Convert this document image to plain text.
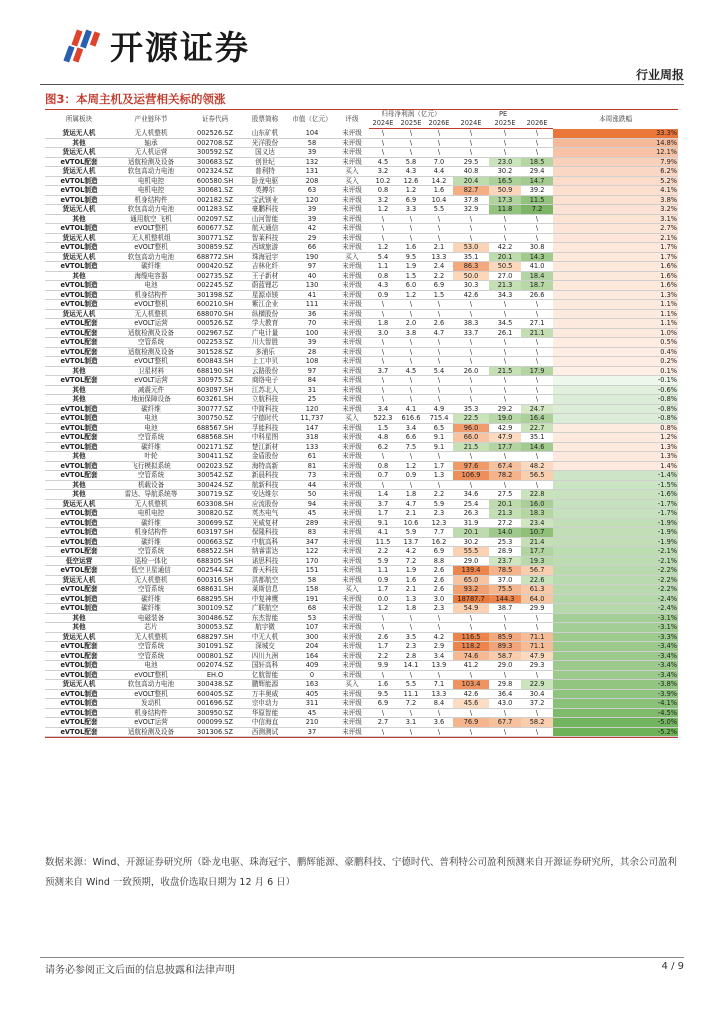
开源证券
行业周报
图3：本周主机及运营相关标的领涨
所属板块	产业链环节	证券代码	股票简称	市值（亿元）	评级	归母净利润（亿元）			PE			本周涨跌幅
						2024E	2025E	2026E	2024E	2025E	2026E	
货运无人机	无人机整机	002526.SZ	山东矿机	104	未评级	\	\	\	\	\	\	33.3%
其他	轴承	002708.SZ	光洋股份	58	未评级	\	\	\	\	\	\	14.8%
货运无人机	无人机运营	300592.SZ	国义达	39	未评级	\	\	\	\	\	\	12.1%
eVTOL配套	适航检测及设备	300683.SZ	创世纪	132	未评级	4.5	5.8	7.0	29.5	23.0	18.5	7.9%
货运无人机	软包高动力电池	002324.SZ	普利特	131	买入	3.2	4.3	4.4	40.8	30.2	29.4	6.2%
eVTOL制造	电机电控	600580.SH	卧龙电驱	208	买入	10.2	12.6	14.2	20.4	16.5	14.7	5.2%
eVTOL制造	电机电控	300681.SZ	英搏尔	63	未评级	0.8	1.2	1.6	82.7	50.9	39.2	4.1%
eVTOL制造	机身结构件	002182.SZ	宝武镁业	120	未评级	3.2	6.9	10.4	37.8	17.3	11.5	3.8%
货运无人机	软包高动力电池	001283.SZ	豪鹏科技	39	未评级	1.2	3.3	5.5	32.9	11.8	7.2	3.2%
其他	通用航空 飞机	002097.SZ	山河智能	39	未评级	\	\	\	\	\	\	3.1%
eVTOL制造	eVOLT整机	600677.SZ	航天通信	42	未评级	\	\	\	\	\	\	2.7%
货运无人机	无人机整机组	300771.SZ	智莱科技	29	未评级	\	\	\	\	\	\	2.1%
eVTOL制造	eVOLT整机	300859.SZ	西域旅游	66	未评级	1.2	1.6	2.1	53.0	42.2	30.8	1.7%
货运无人机	软包高动力电池	688772.SH	珠海冠宇	190	买入	5.4	9.5	13.3	35.1	20.1	14.3	1.7%
eVTOL制造	碳纤维	000420.SZ	吉林化纤	97	未评级	1.1	1.9	2.4	86.3	50.5	41.0	1.6%
其他	海缆电容器	002735.SZ	王子新材	40	未评级	0.8	1.5	2.2	50.0	27.0	18.4	1.6%
eVTOL制造	电池	002245.SZ	蔚蓝锂芯	130	未评级	4.3	6.0	6.9	30.3	21.3	18.7	1.6%
eVTOL制造	机身结构件	301398.SZ	星源卓镁	41	未评级	0.9	1.2	1.5	42.6	34.3	26.6	1.3%
eVTOL制造	eVOLT整机	600210.SH	紫江企业	111	未评级	\	\	\	\	\	\	1.1%
货运无人机	无人机整机	688070.SH	纵横股份	36	未评级	\	\	\	\	\	\	1.1%
eVTOL配套	eVOLT运营	000526.SZ	学大教育	70	未评级	1.8	2.0	2.6	38.3	34.5	27.1	1.1%
eVTOL配套	适航检测及设备	002967.SZ	广电计量	100	未评级	3.0	3.8	4.7	33.7	26.1	21.1	1.0%
eVTOL配套	空管系统	002253.SZ	川大智胜	39	未评级	\	\	\	\	\	\	0.5%
eVTOL配套	适航检测及设备	301528.SZ	多浦乐	28	未评级	\	\	\	\	\	\	0.4%
eVTOL制造	eVOLT整机	600843.SH	上工申贝	108	未评级	\	\	\	\	\	\	0.2%
其他	卫星材料	688190.SH	云路股份	97	未评级	3.7	4.5	5.4	26.0	21.5	17.9	0.1%
eVTOL配套	eVOLT运营	300975.SZ	商络电子	84	未评级	\	\	\	\	\	\	-0.1%
其他	减震元件	603097.SH	江苏北人	31	未评级	\	\	\	\	\	\	-0.6%
其他	地面保障设备	603261.SH	立航科技	25	未评级	\	\	\	\	\	\	-0.8%
eVTOL制造	碳纤维	300777.SZ	中简科技	120	未评级	3.4	4.1	4.9	35.3	29.2	24.7	-0.8%
eVTOL制造	电池	300750.SZ	宁德时代	11,737	买入	522.3	616.6	715.4	22.5	19.0	16.4	-0.8%
eVTOL制造	电池	688567.SH	孚能科技	147	未评级	1.5	3.4	6.5	96.0	42.9	22.7	0.8%
eVTOL配套	空管系统	688568.SH	中科星图	318	未评级	4.8	6.6	9.1	66.0	47.9	35.1	1.2%
eVTOL制造	碳纤维	002171.SZ	楚江新材	133	未评级	6.2	7.5	9.1	21.5	17.7	14.6	1.3%
其他	叶轮	300411.SZ	金盾股份	61	未评级	\	\	\	\	\	\	1.3%
eVTOL制造	飞行模拟系统	002023.SZ	海特高新	81	未评级	0.8	1.2	1.7	97.6	67.4	48.2	1.4%
eVTOL配套	空管系统	300542.SZ	新晨科技	73	未评级	0.7	0.9	1.3	106.9	78.2	56.5	-1.4%
其他	机载设备	300424.SZ	航新科技	44	未评级	\	\	\	\	\	\	-1.5%
其他	雷达、导航系统等	300719.SZ	安达维尔	50	未评级	1.4	1.8	2.2	34.6	27.5	22.8	-1.6%
货运无人机	无人机整机	603308.SH	应流股份	94	未评级	3.7	4.7	5.9	25.4	20.1	16.0	-1.7%
eVTOL制造	电机电控	300820.SZ	英杰电气	45	未评级	1.7	2.1	2.3	26.3	21.3	18.3	-1.7%
eVTOL制造	碳纤维	300699.SZ	光威复材	289	未评级	9.1	10.6	12.3	31.9	27.2	23.4	-1.9%
eVTOL制造	机身结构件	603197.SH	保隆科技	83	未评级	4.1	5.9	7.7	20.1	14.0	10.7	-1.9%
eVTOL制造	碳纤维	000663.SZ	中航高科	347	未评级	11.5	13.7	16.2	30.2	25.3	21.4	-1.9%
eVTOL配套	空管系统	688522.SH	纳睿雷达	122	未评级	2.2	4.2	6.9	55.5	28.9	17.7	-2.1%
低空运营	巡检一体化	688305.SH	诺思科技	170	未评级	5.9	7.2	8.8	29.0	23.7	19.3	-2.1%
eVTOL配套	低空卫星通信	002544.SZ	普天科技	151	未评级	1.1	1.9	2.6	139.4	78.5	56.7	-2.2%
货运无人机	无人机整机	600316.SH	洪都航空	58	未评级	0.9	1.6	2.6	65.0	37.0	22.6	-2.2%
eVTOL配套	空管系统	688631.SH	莱斯信息	158	买入	1.7	2.1	2.6	93.2	75.5	61.3	-2.2%
eVTOL制造	碳纤维	688295.SH	中复神鹰	191	未评级	0.0	1.3	3.0	18787.7	144.3	64.0	-2.4%
eVTOL制造	碳纤维	300109.SZ	广联航空	68	未评级	1.2	1.8	2.3	54.9	38.7	29.9	-2.4%
其他	电磁装备	300486.SZ	东杰智能	53	未评级	\	\	\	\	\	\	-3.1%
其他	芯片	300053.SZ	航宇微	107	未评级	\	\	\	\	\	\	-3.1%
货运无人机	无人机整机	688297.SH	中无人机	300	未评级	2.6	3.5	4.2	116.5	85.9	71.1	-3.3%
eVTOL配套	空管系统	301091.SZ	深城交	204	未评级	1.7	2.3	2.9	118.2	89.3	71.1	-3.4%
eVTOL配套	空管系统	000801.SZ	四川九洲	164	未评级	2.2	2.8	3.4	74.6	58.7	47.9	-3.4%
eVTOL制造	电池	002074.SZ	国轩高科	409	未评级	9.9	14.1	13.9	41.2	29.0	29.3	-3.4%
eVTOL制造	eVOLT整机	EH.O	亿航智能	0	未评级	\	\	\	\	\	\	-3.4%
货运无人机	软包高动力电池	300438.SZ	鹏辉能源	163	买入	1.6	5.5	7.1	103.4	29.8	22.9	-3.8%
eVTOL制造	eVOLT整机	600405.SZ	万丰奥威	405	未评级	9.5	11.1	13.3	42.6	36.4	30.4	-3.9%
eVTOL制造	发动机	001696.SZ	宗申动力	311	未评级	6.9	7.2	8.4	45.6	43.0	37.2	-4.1%
eVTOL制造	机身结构件	300950.SZ	华原智能	45	未评级	\	\	\	\	\	\	-4.5%
eVTOL配套	eVOLT运营	000099.SZ	中信海直	210	未评级	2.7	3.1	3.6	76.9	67.7	58.2	-5.0%
eVTOL配套	适航检测及设备	301306.SZ	西测测试	37	未评级	\	\	\	\	\	\	-5.2%
数据来源：Wind、开源证券研究所（卧龙电驱、珠海冠宇、鹏辉能源、豪鹏科技、宁德时代、普利特公司盈利预测来自开源证券研究所，其余公司盈利预测来自 Wind 一致预期，收盘价选取日期为 12 月 6 日）
请务必参阅正文后面的信息披露和法律声明	4 / 9
